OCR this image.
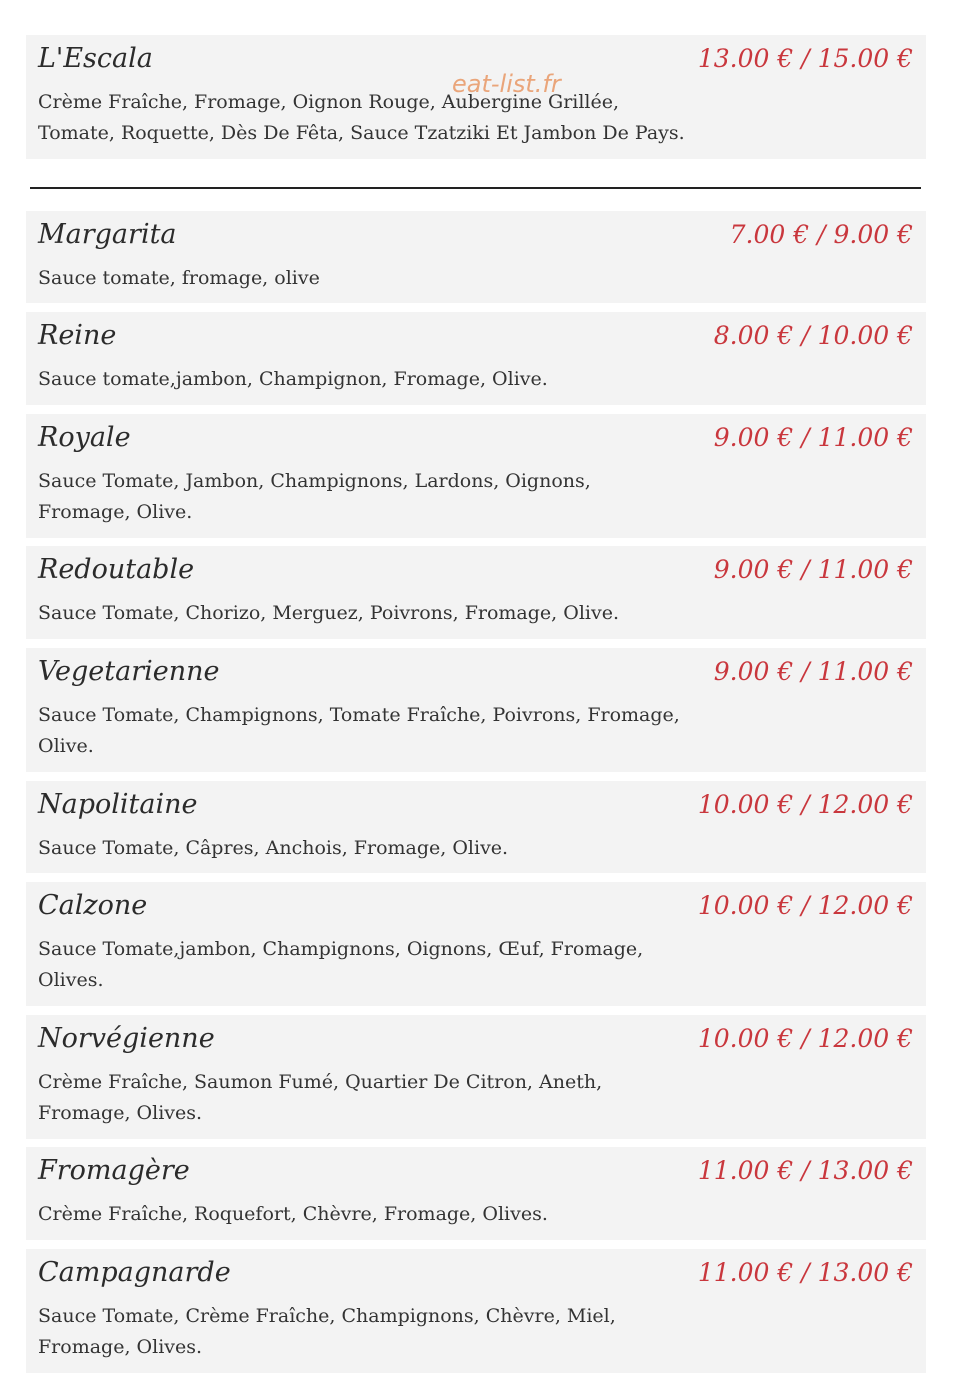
L'Escala	13.00 € / 15.00 €
Crème Fraîche, Fromage, Oignon Rouge, Aubergine Grillée, Tomate, Roquette, Dès De Fêta, Sauce Tzatziki Et Jambon De Pays.
eat-list.fr
Margarita	7.00 € / 9.00 €
Sauce tomate, fromage, olive
Reine	8.00 € / 10.00 €
Sauce tomate,jambon, Champignon, Fromage, Olive.
Royale	9.00 € / 11.00 €
Sauce Tomate, Jambon, Champignons, Lardons, Oignons, Fromage, Olive.
Redoutable	9.00 € / 11.00 €
Sauce Tomate, Chorizo, Merguez, Poivrons, Fromage, Olive.
Vegetarienne	9.00 € / 11.00 €
Sauce Tomate, Champignons, Tomate Fraîche, Poivrons, Fromage, Olive.
Napolitaine	10.00 € / 12.00 €
Sauce Tomate, Câpres, Anchois, Fromage, Olive.
Calzone	10.00 € / 12.00 €
Sauce Tomate,jambon, Champignons, Oignons, Œuf, Fromage, Olives.
Norvégienne	10.00 € / 12.00 €
Crème Fraîche, Saumon Fumé, Quartier De Citron, Aneth, Fromage, Olives.
Fromagère	11.00 € / 13.00 €
Crème Fraîche, Roquefort, Chèvre, Fromage, Olives.
Campagnarde	11.00 € / 13.00 €
Sauce Tomate, Crème Fraîche, Champignons, Chèvre, Miel, Fromage, Olives.
